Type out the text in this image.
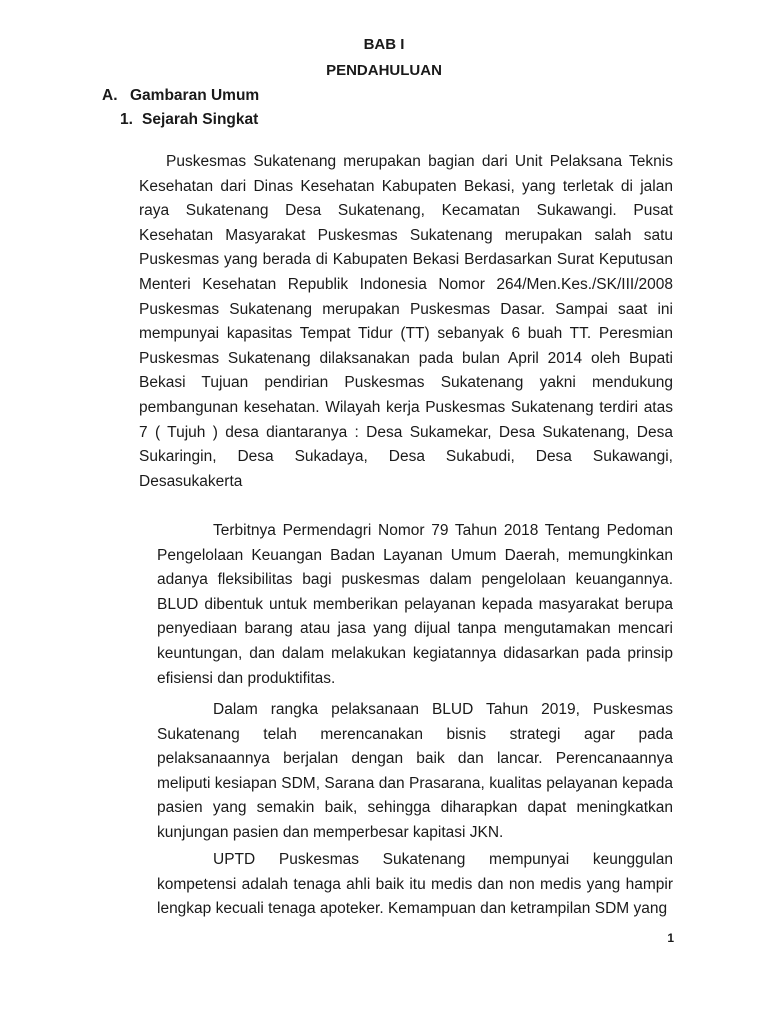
BAB I

PENDAHULUAN

A. Gambaran Umum

1. Sejarah Singkat

Puskesmas Sukatenang merupakan bagian dari Unit Pelaksana Teknis Kesehatan dari Dinas Kesehatan Kabupaten Bekasi, yang terletak di jalan raya Sukatenang Desa Sukatenang, Kecamatan Sukawangi. Pusat Kesehatan Masyarakat Puskesmas Sukatenang merupakan salah satu Puskesmas yang berada di Kabupaten Bekasi Berdasarkan Surat Keputusan Menteri Kesehatan Republik Indonesia Nomor 264/Men.Kes./SK/III/2008 Puskesmas Sukatenang merupakan Puskesmas Dasar. Sampai saat ini mempunyai kapasitas Tempat Tidur (TT) sebanyak 6 buah TT. Peresmian Puskesmas Sukatenang dilaksanakan pada bulan April 2014 oleh Bupati Bekasi Tujuan pendirian Puskesmas Sukatenang yakni mendukung pembangunan kesehatan. Wilayah kerja Puskesmas Sukatenang terdiri atas 7 ( Tujuh ) desa diantaranya : Desa Sukamekar, Desa Sukatenang, Desa Sukaringin, Desa Sukadaya, Desa Sukabudi, Desa Sukawangi, Desasukakerta

Terbitnya Permendagri Nomor 79 Tahun 2018 Tentang Pedoman Pengelolaan Keuangan Badan Layanan Umum Daerah, memungkinkan adanya fleksibilitas bagi puskesmas dalam pengelolaan keuangannya. BLUD dibentuk untuk memberikan pelayanan kepada masyarakat berupa penyediaan barang atau jasa yang dijual tanpa mengutamakan mencari keuntungan, dan dalam melakukan kegiatannya didasarkan pada prinsip efisiensi dan produktifitas.

Dalam rangka pelaksanaan BLUD Tahun 2019, Puskesmas Sukatenang telah merencanakan bisnis strategi agar pada pelaksanaannya berjalan dengan baik dan lancar. Perencanaannya meliputi kesiapan SDM, Sarana dan Prasarana, kualitas pelayanan kepada pasien yang semakin baik, sehingga diharapkan dapat meningkatkan kunjungan pasien dan memperbesar kapitasi JKN.

UPTD Puskesmas Sukatenang mempunyai keunggulan kompetensi adalah tenaga ahli baik itu medis dan non medis yang hampir lengkap kecuali tenaga apoteker. Kemampuan dan ketrampilan SDM yang

1
